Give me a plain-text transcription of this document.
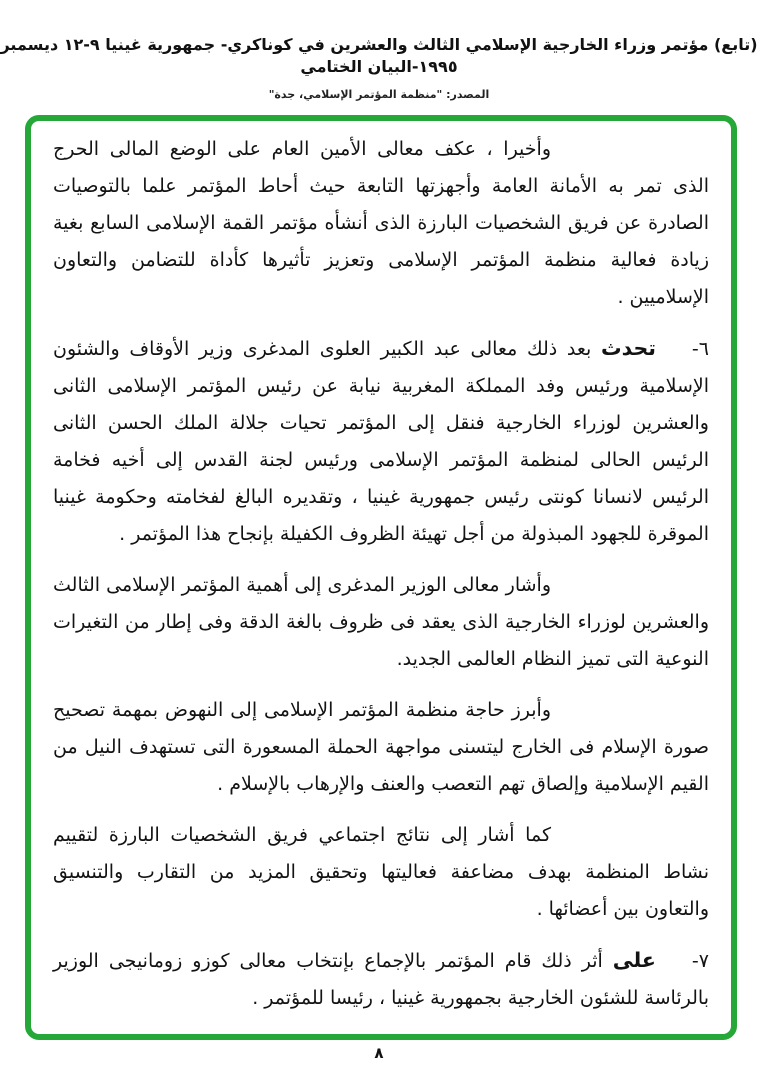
(تابع) مؤتمر وزراء الخارجية الإسلامي الثالث والعشرين في كوناكري- جمهورية غينيا ٩-١٢ ديسمبر ١٩٩٥-البيان الختامي
المصدر: "منظمة المؤتمر الإسلامي، جدة"

وأخيرا ، عكف معالى الأمين العام على الوضع المالى الحرج الذى تمر به الأمانة العامة وأجهزتها التابعة حيث أحاط المؤتمر علما بالتوصيات الصادرة عن فريق الشخصيات البارزة الذى أنشأه مؤتمر القمة الإسلامى السابع بغية زيادة فعالية منظمة المؤتمر الإسلامى وتعزيز تأثيرها كأداة للتضامن والتعاون الإسلاميين .

٦-تحدث بعد ذلك معالى عبد الكبير العلوى المدغرى وزير الأوقاف والشئون الإسلامية ورئيس وفد المملكة المغربية نيابة عن رئيس المؤتمر الإسلامى الثانى والعشرين لوزراء الخارجية فنقل إلى المؤتمر تحيات جلالة الملك الحسن الثانى الرئيس الحالى لمنظمة المؤتمر الإسلامى ورئيس لجنة القدس إلى أخيه فخامة الرئيس لانسانا كونتى رئيس جمهورية غينيا ، وتقديره البالغ لفخامته وحكومة غينيا الموقرة للجهود المبذولة من أجل تهيئة الظروف الكفيلة بإنجاح هذا المؤتمر .

وأشار معالى الوزير المدغرى إلى أهمية المؤتمر الإسلامى الثالث والعشرين لوزراء الخارجية الذى يعقد فى ظروف بالغة الدقة وفى إطار من التغيرات النوعية التى تميز النظام العالمى الجديد.

وأبرز حاجة منظمة المؤتمر الإسلامى إلى النهوض بمهمة تصحيح صورة الإسلام فى الخارج ليتسنى مواجهة الحملة المسعورة التى تستهدف النيل من القيم الإسلامية وإلصاق تهم التعصب والعنف والإرهاب بالإسلام .

كما أشار إلى نتائج اجتماعي فريق الشخصيات البارزة لتقييم نشاط المنظمة بهدف مضاعفة فعاليتها وتحقيق المزيد من التقارب والتنسيق والتعاون بين أعضائها .

٧-على أثر ذلك قام المؤتمر بالإجماع بإنتخاب معالى كوزو زومانيجى الوزير بالرئاسة للشئون الخارجية بجمهورية غينيا ، رئيسا للمؤتمر .

٨
